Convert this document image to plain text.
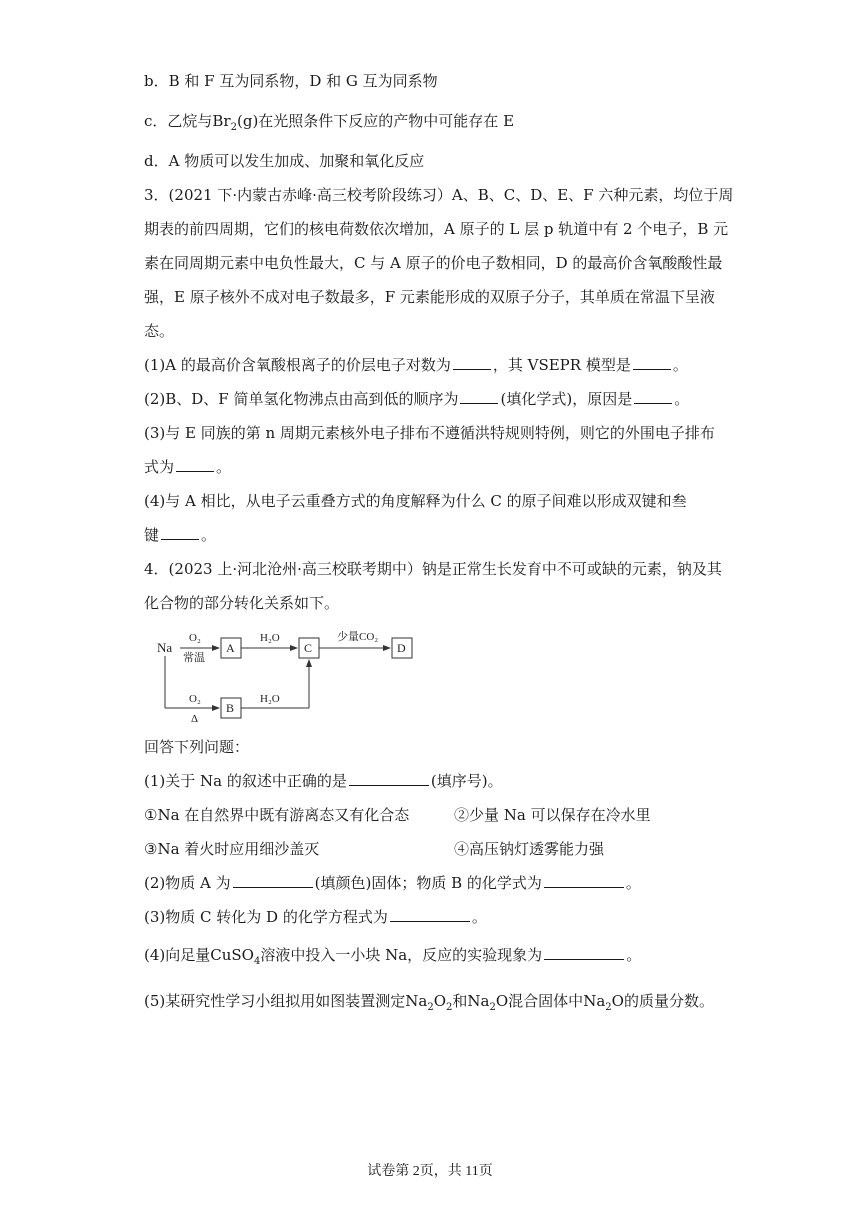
b．B 和 F 互为同系物，D 和 G 互为同系物
c．乙烷与$Br_2(g)$在光照条件下反应的产物中可能存在 E
d．A 物质可以发生加成、加聚和氧化反应
3．(2021 下·内蒙古赤峰·高三校考阶段练习）A、B、C、D、E、F 六种元素，均位于周
期表的前四周期，它们的核电荷数依次增加，A 原子的 L 层 p 轨道中有 2 个电子，B 元
素在同周期元素中电负性最大，C 与 A 原子的价电子数相同，D 的最高价含氧酸酸性最
强，E 原子核外不成对电子数最多，F 元素能形成的双原子分子，其单质在常温下呈液
态。
(1)A 的最高价含氧酸根离子的价层电子对数为	，其 VSEPR 模型是	。
(2)B、D、F 简单氢化物沸点由高到低的顺序为	(填化学式)，原因是	。
(3)与 E 同族的第 n 周期元素核外电子排布不遵循洪特规则特例，则它的外围电子排布
式为	。
(4)与 A 相比，从电子云重叠方式的角度解释为什么 C 的原子间难以形成双键和叁
键	。
4．(2023 上·河北沧州·高三校联考期中）钠是正常生长发育中不可或缺的元素，钠及其
化合物的部分转化关系如下。
Na
O₂
常温
A
H₂O
C
少量CO₂
D
O₂
Δ
B
H₂O
回答下列问题：
(1)关于 Na 的叙述中正确的是	(填序号)。
①Na 在自然界中既有游离态又有化合态	②少量 Na 可以保存在冷水里
③Na 着火时应用细沙盖灭	④高压钠灯透雾能力强
(2)物质 A 为	(填颜色)固体；物质 B 的化学式为	。
(3)物质 C 转化为 D 的化学方程式为	。
(4)向足量CuSO$_4$溶液中投入一小块 Na，反应的实验现象为	。
(5)某研究性学习小组拟用如图装置测定$Na_2O_2$和$Na_2O$混合固体中$Na_2O$的质量分数。
试卷第 2页，共 11页
